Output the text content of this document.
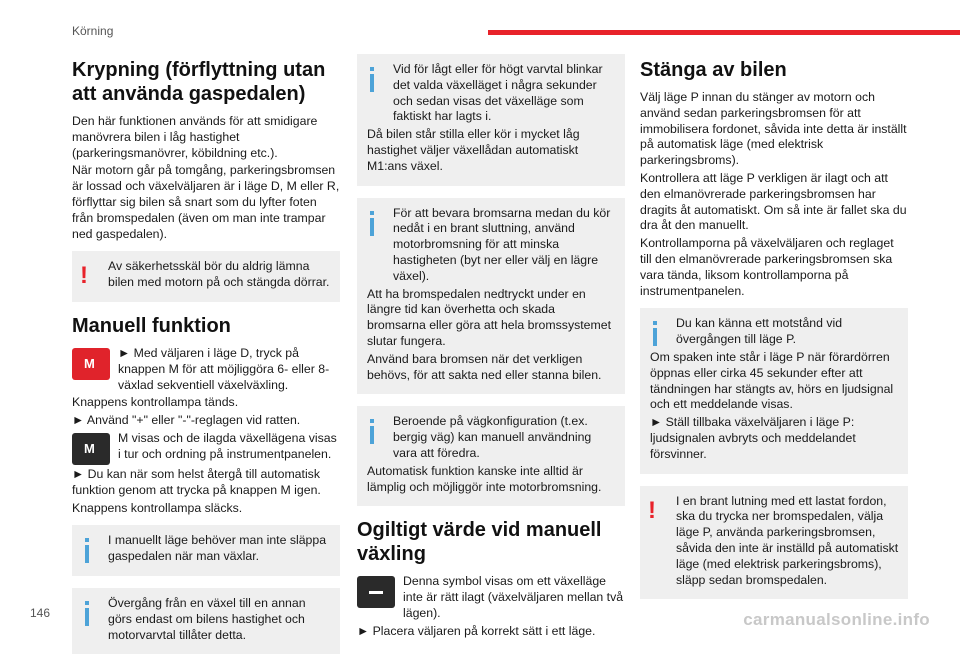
Körning
Krypning (förflyttning utan att använda gaspedalen)

Den här funktionen används för att smidigare manövrera bilen i låg hastighet (parkeringsmanövrer, köbildning etc.).

När motorn går på tomgång, parkeringsbromsen är lossad och växelväljaren är i läge D, M eller R, förflyttar sig bilen så snart som du lyfter foten från bromspedalen (även om man inte trampar ned gaspedalen).

!	Av säkerhetsskäl bör du aldrig lämna bilen med motorn på och stängda dörrar.

Manuell funktion
M

► Med väljaren i läge D, tryck på knappen M för att möjliggöra 6- eller 8-växlad sekventiell växelväxling.

Knappens kontrollampa tänds.

► Använd "+" eller "-"-reglagen vid ratten.

M

M visas och de ilagda växellägena visas i tur och ordning på instrumentpanelen.

► Du kan när som helst återgå till automatisk funktion genom att trycka på knappen M igen.

Knappens kontrollampa släcks.

I manuellt läge behöver man inte släppa gaspedalen när man växlar.

Övergång från en växel till en annan görs endast om bilens hastighet och motorvarvtal tillåter detta.

Vid för lågt eller för högt varvtal blinkar det valda växelläget i några sekunder och sedan visas det växelläge som faktiskt har lagts i.

Då bilen står stilla eller kör i mycket låg hastighet väljer växellådan automatiskt M1:ans växel.

För att bevara bromsarna medan du kör nedåt i en brant sluttning, använd motorbromsning för att minska hastigheten (byt ner eller välj en lägre växel).

Att ha bromspedalen nedtryckt under en längre tid kan överhetta och skada bromsarna eller göra att hela bromssystemet slutar fungera.

Använd bara bromsen när det verkligen behövs, för att sakta ned eller stanna bilen.

Beroende på vägkonfiguration (t.ex. bergig väg) kan manuell användning vara att föredra.

Automatisk funktion kanske inte alltid är lämplig och möjliggör inte motorbromsning.

Ogiltigt värde vid manuell växling

Denna symbol visas om ett växelläge inte är rätt ilagt (växelväljaren mellan två lägen).

► Placera väljaren på korrekt sätt i ett läge.

Stänga av bilen

Välj läge P innan du stänger av motorn och använd sedan parkeringsbromsen för att immobilisera fordonet, såvida inte detta är inställt på automatisk läge (med elektrisk parkeringsbroms).

Kontrollera att läge P verkligen är ilagt och att den elmanövrerade parkeringsbromsen har dragits åt automatiskt. Om så inte är fallet ska du dra åt den manuellt.

Kontrollamporna på växelväljaren och reglaget till den elmanövrerade parkeringsbromsen ska vara tända, liksom kontrollamporna på instrumentpanelen.

Du kan känna ett motstånd vid övergången till läge P.

Om spaken inte står i läge P när förardörren öppnas eller cirka 45 sekunder efter att tändningen har stängts av, hörs en ljudsignal och ett meddelande visas.

► Ställ tillbaka växelväljaren i läge P: ljudsignalen avbryts och meddelandet försvinner.

!	I en brant lutning med ett lastat fordon, ska du trycka ner bromspedalen, välja läge P, använda parkeringsbromsen, såvida den inte är inställd på automatiskt läge (med elektrisk parkeringsbroms), släpp sedan bromspedalen.

146	carmanualsonline.info
